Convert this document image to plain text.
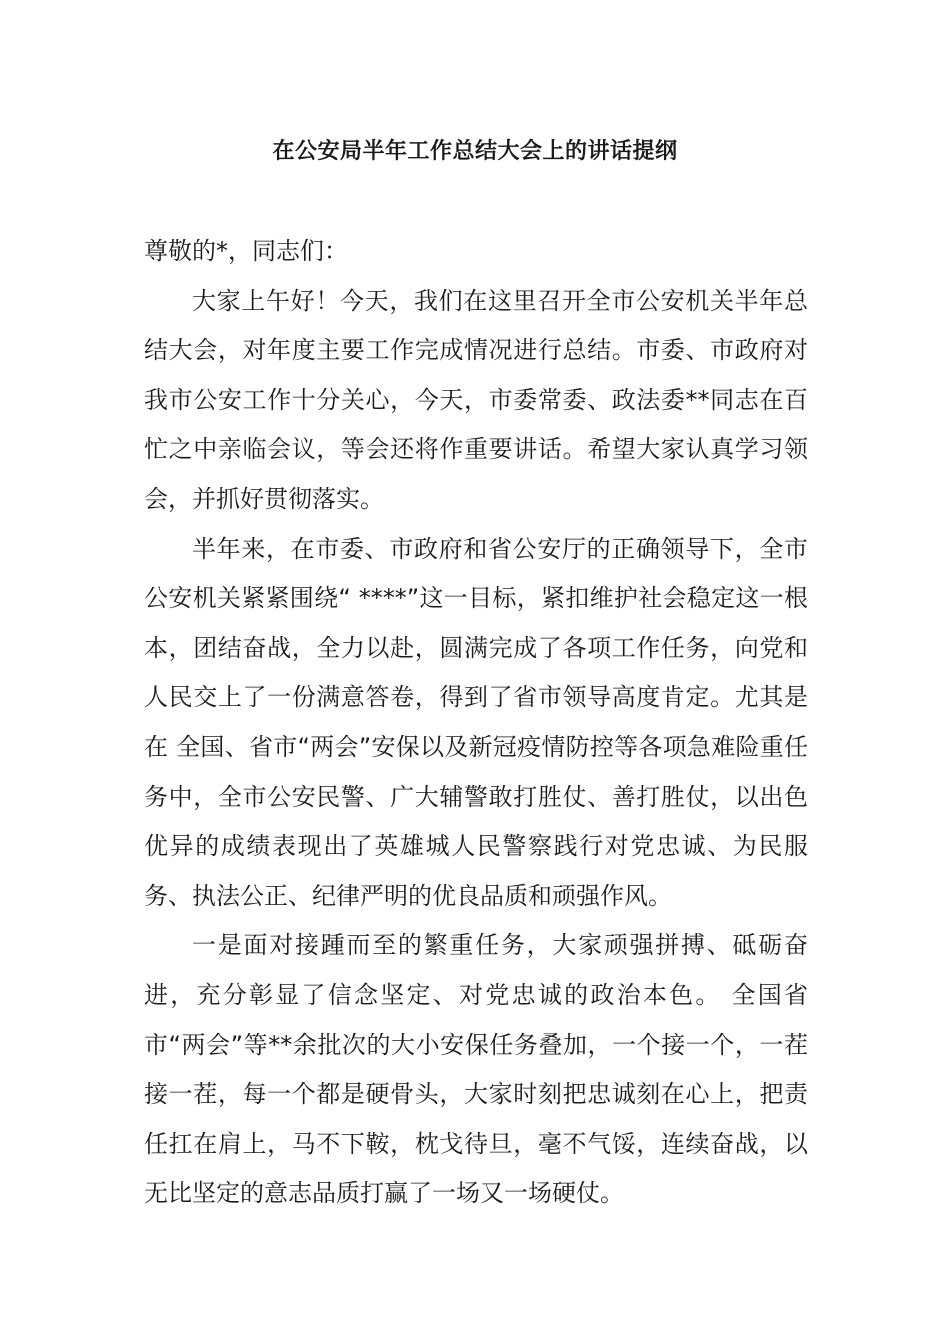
在公安局半年工作总结大会上的讲话提纲

尊敬的*，同志们：

大家上午好！今天，我们在这里召开全市公安机关半年总结大会，对年度主要工作完成情况进行总结。市委、市政府对我市公安工作十分关心，今天，市委常委、政法委**同志在百忙之中亲临会议，等会还将作重要讲话。希望大家认真学习领会，并抓好贯彻落实。

半年来，在市委、市政府和省公安厅的正确领导下，全市公安机关紧紧围绕“ ****”这一目标，紧扣维护社会稳定这一根本，团结奋战，全力以赴，圆满完成了各项工作任务，向党和人民交上了一份满意答卷，得到了省市领导高度肯定。尤其是在 全国、省市“两会”安保以及新冠疫情防控等各项急难险重任务中，全市公安民警、广大辅警敢打胜仗、善打胜仗，以出色优异的成绩表现出了英雄城人民警察践行对党忠诚、为民服务、执法公正、纪律严明的优良品质和顽强作风。

一是面对接踵而至的繁重任务，大家顽强拼搏、砥砺奋进，充分彰显了信念坚定、对党忠诚的政治本色。 全国省市“两会”等**余批次的大小安保任务叠加，一个接一个，一茬接一茬，每一个都是硬骨头，大家时刻把忠诚刻在心上，把责任扛在肩上，马不下鞍，枕戈待旦，毫不气馁，连续奋战，以无比坚定的意志品质打赢了一场又一场硬仗。
